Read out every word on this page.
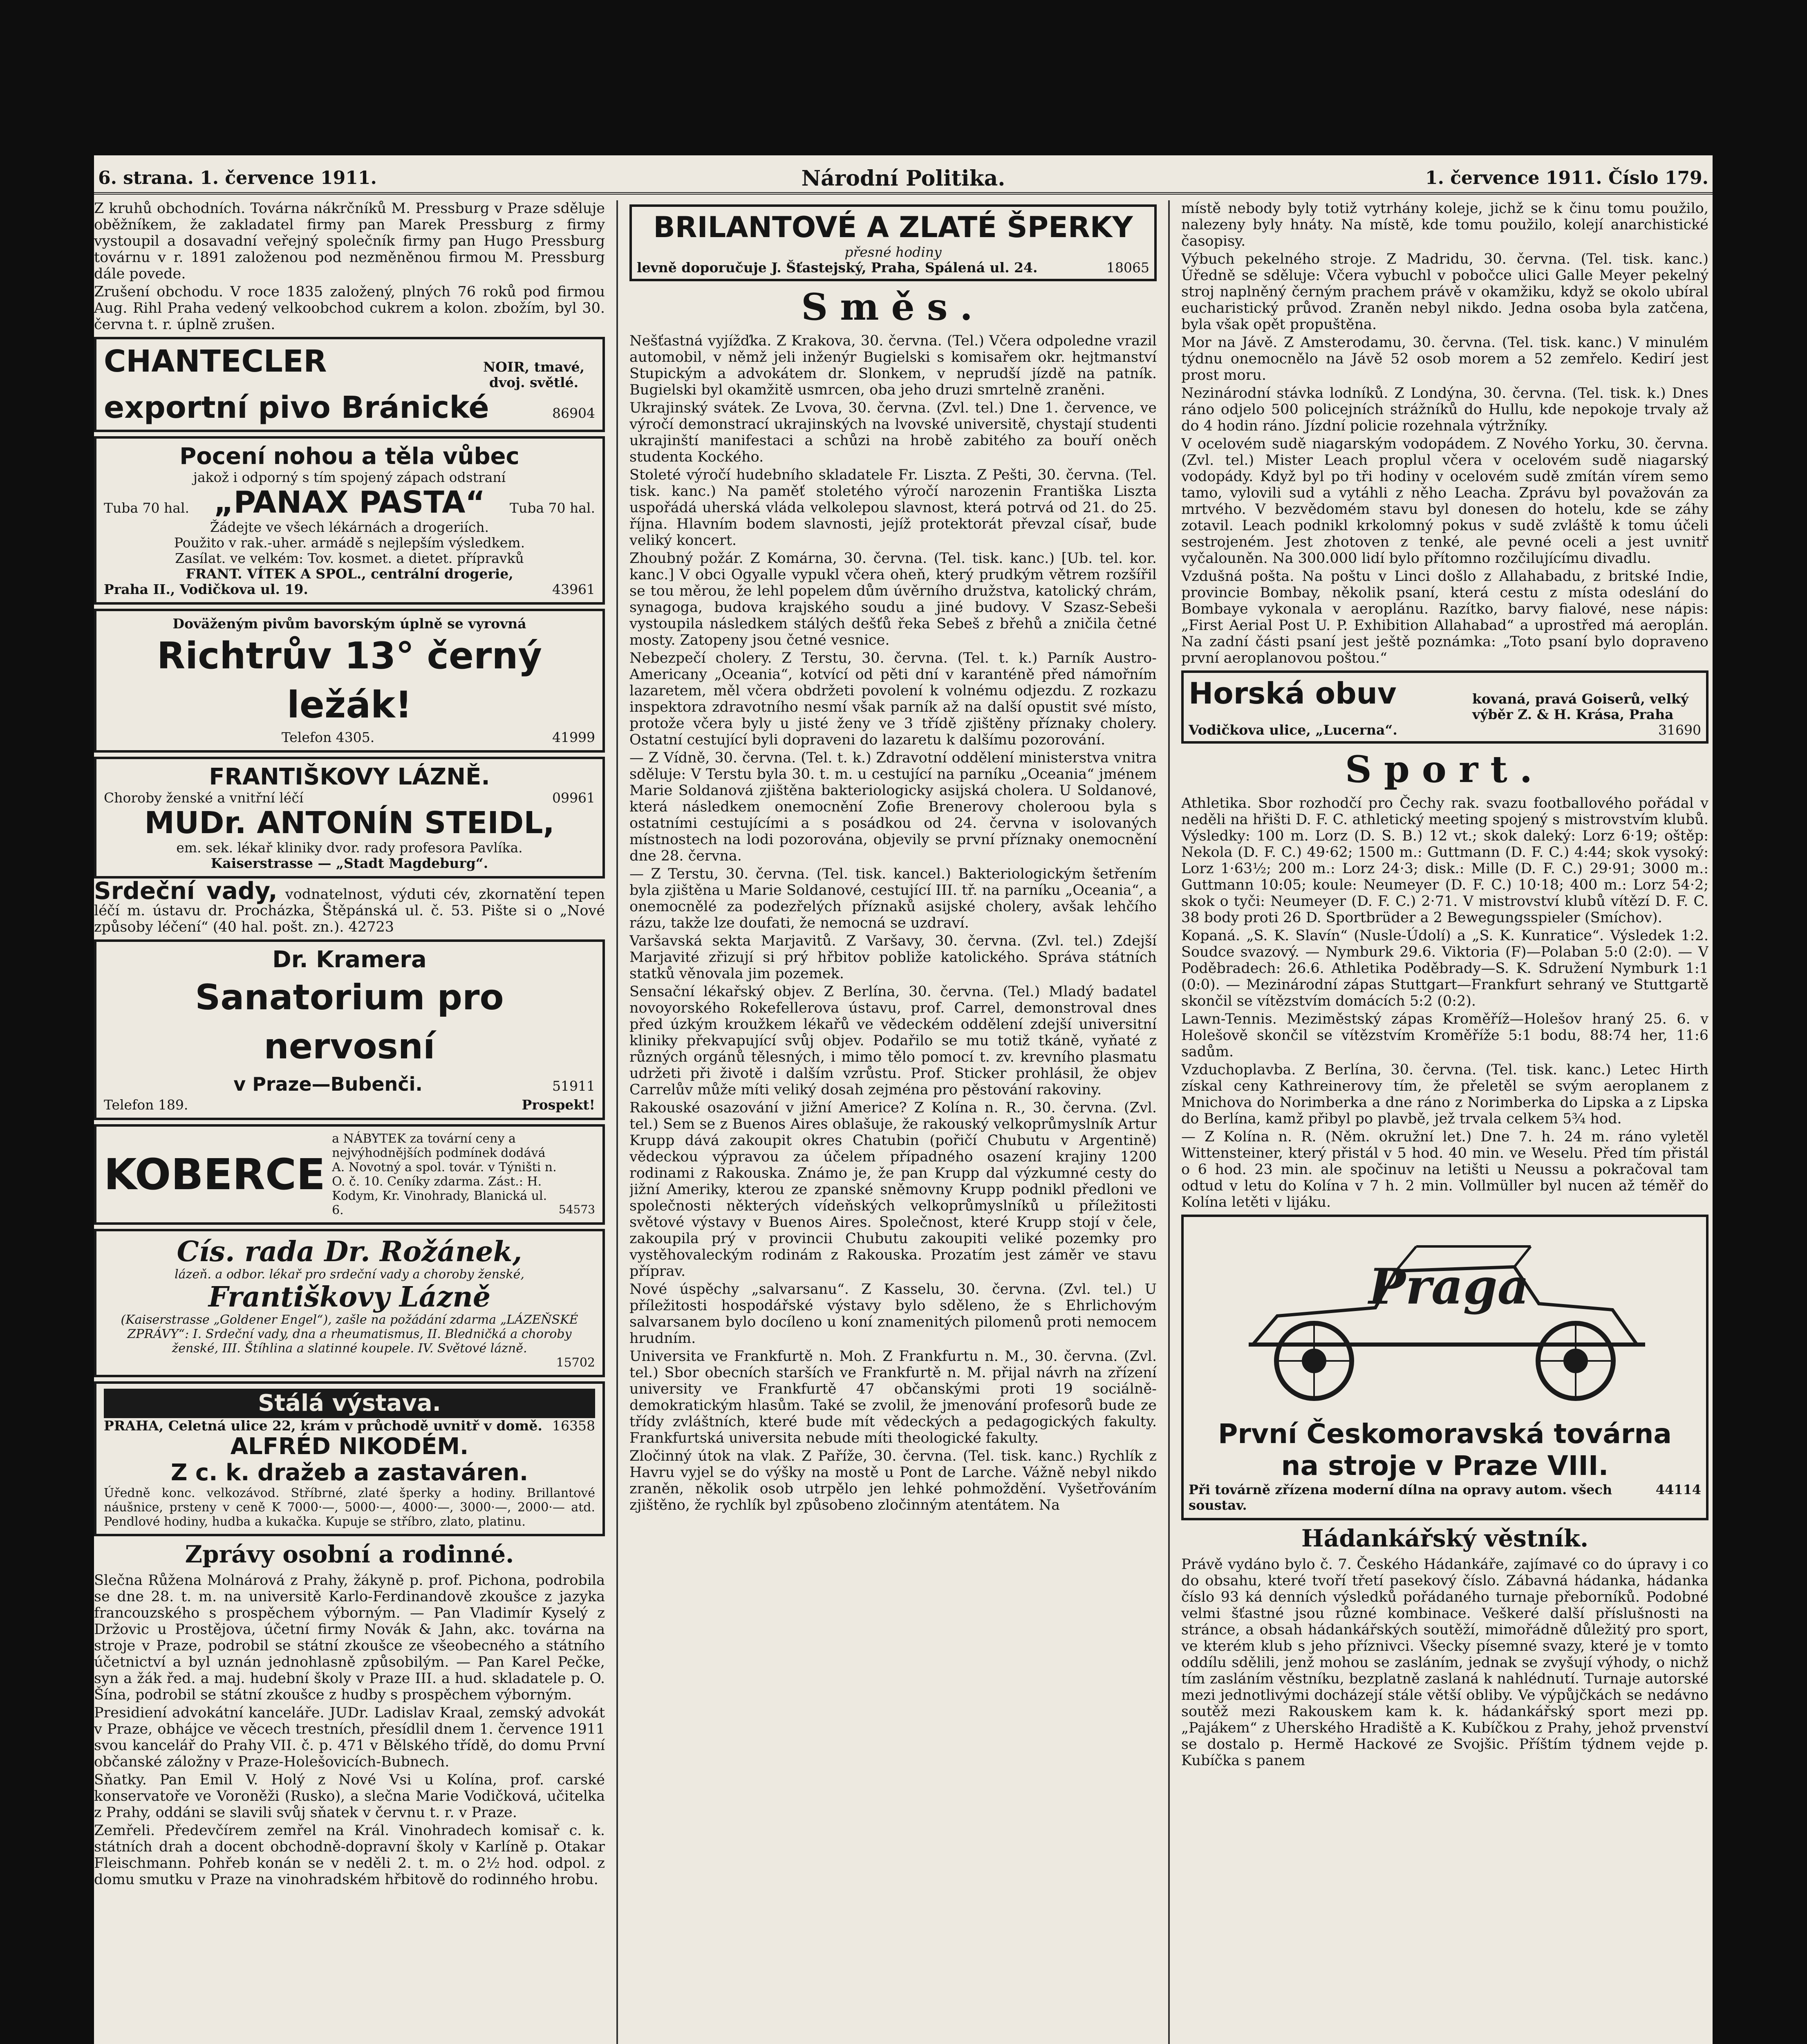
6. strana. 1. července 1911.	Národní Politika.	1. července 1911. Číslo 179.

Z kruhů obchodních. Továrna nákrčníků M. Pressburg v Praze sděluje oběžníkem, že zakladatel firmy pan Marek Pressburg z firmy vystoupil a dosavadní veřejný společník firmy pan Hugo Pressburg továrnu v r. 1891 založenou pod nezměněnou firmou M. Pressburg dále povede.

Zrušení obchodu. V roce 1835 založený, plných 76 roků pod firmou Aug. Rihl Praha vedený velkoobchod cukrem a kolon. zbožím, byl 30. června t. r. úplně zrušen.

CHANTECLER	NOIR, tmavé, dvoj. světlé.
exportní pivo Bránické	86904
Pocení nohou a těla vůbec
jakož i odporný s tím spojený zápach odstraní
Tuba 70 hal. „PANAX PASTA“ Tuba 70 hal.
Žádejte ve všech lékárnách a drogeriích.
Použito v rak.-uher. armádě s nejlepším výsledkem.
Zasílat. ve velkém: Tov. kosmet. a dietet. přípravků
FRANT. VÍTEK A SPOL., centrální drogerie,
Praha II., Vodičkova ul. 19.	43961
Doväženým pivům bavorským úplně se vyrovná
Richtrův 13° černý ležák!
Telefon 4305.	41999
FRANTIŠKOVY LÁZNĚ.
Choroby ženské a vnitřní léčí	09961
MUDr. ANTONÍN STEIDL,
em. sek. lékař kliniky dvor. rady profesora Pavlíka.
Kaiserstrasse — „Stadt Magdeburg“.

Srdeční vady, vodnatelnost, výduti cév, zkornatění tepen léčí m. ústavu dr. Procházka, Štěpánská ul. č. 53. Pište si o „Nové způsoby léčení“ (40 hal. pošt. zn.). 42723

Dr. Kramera
Sanatorium pro nervosní
v Praze—Bubenči.	51911
Telefon 189.	Prospekt!
KOBERCE
a NÁBYTEK za tovární ceny a nejvýhodnějších podmínek dodává A. Novotný a spol. továr. v Týništi n. O. č. 10. Ceníky zdarma. Zást.: H. Kodym, Kr. Vinohrady, Blanická ul. 6.	54573
Cís. rada Dr. Rožánek,
lázeň. a odbor. lékař pro srdeční vady a choroby ženské,
Františkovy Lázně
(Kaiserstrasse „Goldener Engel“), zašle na požádání zdarma „LÁZEŇSKÉ ZPRÁVY“: I. Srdeční vady, dna a rheumatismus, II. Bledničká a choroby ženské, III. Štíhlina a slatinné koupele. IV. Světové lázně.
15702
Stálá výstava.
PRAHA, Celetná ulice 22, krám v průchodě uvnitř v domě. 16358
ALFRÉD NIKODÉM.
Z c. k. dražeb a zastaváren.
Úředně konc. velkozávod. Stříbrné, zlaté šperky a hodiny. Brillantové náušnice, prsteny v ceně K 7000·—, 5000·—, 4000·—, 3000·—, 2000·— atd. Pendlové hodiny, hudba a kukačka. Kupuje se stříbro, zlato, platinu.
Zprávy osobní a rodinné.

Slečna Růžena Molnárová z Prahy, žákyně p. prof. Pichona, podrobila se dne 28. t. m. na universitě Karlo-Ferdinandově zkoušce z jazyka francouzského s prospěchem výborným. — Pan Vladimír Kyselý z Držovic u Prostějova, účetní firmy Novák & Jahn, akc. továrna na stroje v Praze, podrobil se státní zkoušce ze všeobecného a státního účetnictví a byl uznán jednohlasně způsobilým. — Pan Karel Pečke, syn a žák řed. a maj. hudební školy v Praze III. a hud. skladatele p. O. Šína, podrobil se státní zkoušce z hudby s prospěchem výborným.

Presidiení advokátní kanceláře. JUDr. Ladislav Kraal, zemský advokát v Praze, obhájce ve věcech trestních, přesídlil dnem 1. července 1911 svou kancelář do Prahy VII. č. p. 471 v Bělského třídě, do domu První občanské záložny v Praze-Holešovicích-Bubnech.

Sňatky. Pan Emil V. Holý z Nové Vsi u Kolína, prof. carské konservatoře ve Voroněži (Rusko), a slečna Marie Vodičková, učitelka z Prahy, oddáni se slavili svůj sňatek v červnu t. r. v Praze.

Zemřeli. Předevčírem zemřel na Král. Vinohradech komisař c. k. státních drah a docent obchodně-dopravní školy v Karlíně p. Otakar Fleischmann. Pohřeb konán se v neděli 2. t. m. o 2½ hod. odpol. z domu smutku v Praze na vinohradském hřbitově do rodinného hrobu.

BRILANTOVÉ A ZLATÉ ŠPERKY
přesné hodiny
levně doporučuje J. Šťastejský, Praha, Spálená ul. 24.	18065
Směs.

Nešťastná vyjížďka. Z Krakova, 30. června. (Tel.) Včera odpoledne vrazil automobil, v němž jeli inženýr Bugielski s komisařem okr. hejtmanství Stupickým a advokátem dr. Slonkem, v neprudší jízdě na patník. Bugielski byl okamžitě usmrcen, oba jeho druzi smrtelně zraněni.

Ukrajinský svátek. Ze Lvova, 30. června. (Zvl. tel.) Dne 1. července, ve výročí demonstrací ukrajinských na lvovské universitě, chystají studenti ukrajinští manifestaci a schůzi na hrobě zabitého za bouří oněch studenta Kockého.

Stoleté výročí hudebního skladatele Fr. Liszta. Z Pešti, 30. června. (Tel. tisk. kanc.) Na paměť stoletého výročí narozenin Františka Liszta uspořádá uherská vláda velkolepou slavnost, která potrvá od 21. do 25. října. Hlavním bodem slavnosti, jejíž protektorát převzal císař, bude veliký koncert.

Zhoubný požár. Z Komárna, 30. června. (Tel. tisk. kanc.) [Ub. tel. kor. kanc.] V obci Ogyalle vypukl včera oheň, který prudkým větrem rozšířil se tou měrou, že lehl popelem dům úvěrního družstva, katolický chrám, synagoga, budova krajského soudu a jiné budovy. V Szasz-Sebeši vystoupila následkem stálých dešťů řeka Sebeš z břehů a zničila četné mosty. Zatopeny jsou četné vesnice.

Nebezpečí cholery. Z Terstu, 30. června. (Tel. t. k.) Parník Austro-Americany „Oceania“, kotvící od pěti dní v karanténě před námořním lazaretem, měl včera obdržeti povolení k volnému odjezdu. Z rozkazu inspektora zdravotního nesmí však parník až na další opustit své místo, protože včera byly u jisté ženy ve 3 třídě zjištěny příznaky cholery. Ostatní cestující byli dopraveni do lazaretu k dalšímu pozorování.

— Z Vídně, 30. června. (Tel. t. k.) Zdravotní oddělení ministerstva vnitra sděluje: V Terstu byla 30. t. m. u cestující na parníku „Oceania“ jménem Marie Soldanová zjištěna bakteriologicky asijská cholera. U Soldanové, která následkem onemocnění Zofie Brenerovy choleroou byla s ostatními cestujícími a s posádkou od 24. června v isolovaných místnostech na lodi pozorována, objevily se první příznaky onemocnění dne 28. června.

— Z Terstu, 30. června. (Tel. tisk. kancel.) Bakteriologickým šetřením byla zjištěna u Marie Soldanové, cestující III. tř. na parníku „Oceania“, a onemocnělé za podezřelých příznaků asijské cholery, avšak lehčího rázu, takže lze doufati, že nemocná se uzdraví.

Varšavská sekta Marjavitů. Z Varšavy, 30. června. (Zvl. tel.) Zdejší Marjavité zřizují si prý hřbitov pobliže katolického. Správa státních statků věnovala jim pozemek.

Sensační lékařský objev. Z Berlína, 30. června. (Tel.) Mladý badatel novoyorského Rokefellerova ústavu, prof. Carrel, demonstroval dnes před úzkým kroužkem lékařů ve vědeckém oddělení zdejší universitní kliniky překvapující svůj objev. Podařilo se mu totiž tkáně, vyňaté z různých orgánů tělesných, i mimo tělo pomocí t. zv. krevního plasmatu udržeti při životě i dalším vzrůstu. Prof. Sticker prohlásil, že objev Carrelův může míti veliký dosah zejména pro pěstování rakoviny.

Rakouské osazování v jižní Americe? Z Kolína n. R., 30. června. (Zvl. tel.) Sem se z Buenos Aires oblašuje, že rakouský velkoprůmyslník Artur Krupp dává zakoupit okres Chatubin (pořičí Chubutu v Argentině) vědeckou výpravou za účelem případného osazení krajiny 1200 rodinami z Rakouska. Známo je, že pan Krupp dal výzkumné cesty do jižní Ameriky, kterou ze zpanské sněmovny Krupp podnikl předloni ve společnosti některých vídeňských velkoprůmyslníků u příležitosti světové výstavy v Buenos Aires. Společnost, které Krupp stojí v čele, zakoupila prý v provincii Chubutu zakoupiti veliké pozemky pro vystěhovaleckým rodinám z Rakouska. Prozatím jest záměr ve stavu příprav.

Nové úspěchy „salvarsanu“. Z Kasselu, 30. června. (Zvl. tel.) U příležitosti hospodářské výstavy bylo sděleno, že s Ehrlichovým salvarsanem bylo docíleno u koní znamenitých pilomenů proti nemocem hrudním.

Universita ve Frankfurtě n. Moh. Z Frankfurtu n. M., 30. června. (Zvl. tel.) Sbor obecních starších ve Frankfurtě n. M. přijal návrh na zřízení university ve Frankfurtě 47 občanskými proti 19 sociálně-demokratickým hlasům. Také se zvolil, že jmenování profesorů bude ze třídy zvláštních, které bude mít vědeckých a pedagogických fakulty. Frankfurtská universita nebude míti theologické fakulty.

Zločinný útok na vlak. Z Paříže, 30. června. (Tel. tisk. kanc.) Rychlík z Havru vyjel se do výšky na mostě u Pont de Larche. Vážně nebyl nikdo zraněn, několik osob utrpělo jen lehké pohmoždění. Vyšetřováním zjištěno, že rychlík byl způsobeno zločinným atentátem. Na

místě nebody byly totiž vytrhány koleje, jichž se k činu tomu použilo, nalezeny byly hnáty. Na místě, kde tomu použilo, kolejí anarchistické časopisy.

Výbuch pekelného stroje. Z Madridu, 30. června. (Tel. tisk. kanc.) Úředně se sděluje: Včera vybuchl v pobočce ulici Galle Meyer pekelný stroj naplněný černým prachem právě v okamžiku, když se okolo ubíral eucharistický průvod. Zraněn nebyl nikdo. Jedna osoba byla zatčena, byla však opět propuštěna.

Mor na Jávě. Z Amsterodamu, 30. června. (Tel. tisk. kanc.) V minulém týdnu onemocnělo na Jávě 52 osob morem a 52 zemřelo. Kedirí jest prost moru.

Nezinárodní stávka lodníků. Z Londýna, 30. června. (Tel. tisk. k.) Dnes ráno odjelo 500 policejních strážníků do Hullu, kde nepokoje trvaly až do 4 hodin ráno. Jízdní policie rozehnala výtržníky.

V ocelovém sudě niagarským vodopádem. Z Nového Yorku, 30. června. (Zvl. tel.) Mister Leach proplul včera v ocelovém sudě niagarský vodopády. Když byl po tři hodiny v ocelovém sudě zmítán vírem semo tamo, vylovili sud a vytáhli z něho Leacha. Zprávu byl považován za mrtvého. V bezvědomém stavu byl donesen do hotelu, kde se záhy zotavil. Leach podnikl krkolomný pokus v sudě zvláště k tomu účeli sestrojeném. Jest zhotoven z tenké, ale pevné oceli a jest uvnitř vyčalouněn. Na 300.000 lidí bylo přítomno rozčilujícímu divadlu.

Vzdušná pošta. Na poštu v Linci došlo z Allahabadu, z britské Indie, provincie Bombay, několik psaní, která cestu z místa odeslání do Bombaye vykonala v aeroplánu. Razítko, barvy fialové, nese nápis: „First Aerial Post U. P. Exhibition Allahabad“ a uprostřed má aeroplán. Na zadní části psaní jest ještě poznámka: „Toto psaní bylo dopraveno první aeroplanovou poštou.“

Horská obuv	kovaná, pravá Goiserů, velký výběr Z. & H. Krása, Praha
Vodičkova ulice, „Lucerna“.	31690
Sport.

Athletika. Sbor rozhodčí pro Čechy rak. svazu footballového pořádal v neděli na hřišti D. F. C. athletický meeting spojený s mistrovstvím klubů. Výsledky: 100 m. Lorz (D. S. B.) 12 vt.; skok daleký: Lorz 6·19; oštěp: Nekola (D. F. C.) 49·62; 1500 m.: Guttmann (D. F. C.) 4:44; skok vysoký: Lorz 1·63½; 200 m.: Lorz 24·3; disk.: Mille (D. F. C.) 29·91; 3000 m.: Guttmann 10:05; koule: Neumeyer (D. F. C.) 10·18; 400 m.: Lorz 54·2; skok o tyči: Neumeyer (D. F. C.) 2·71. V mistrovství klubů vítězí D. F. C. 38 body proti 26 D. Sportbrüder a 2 Bewegungsspieler (Smíchov).

Kopaná. „S. K. Slavín“ (Nusle-Údolí) a „S. K. Kunratice“. Výsledek 1:2. Soudce svazový. — Nymburk 29.6. Viktoria (F)—Polaban 5:0 (2:0). — V Poděbradech: 26.6. Athletika Poděbrady—S. K. Sdružení Nymburk 1:1 (0:0). — Mezinárodní zápas Stuttgart—Frankfurt sehraný ve Stuttgartě skončil se vítězstvím domácích 5:2 (0:2).

Lawn-Tennis. Meziměstský zápas Kroměříž—Holešov hraný 25. 6. v Holešově skončil se vítězstvím Kroměříže 5:1 bodu, 88:74 her, 11:6 sadům.

Vzduchoplavba. Z Berlína, 30. června. (Tel. tisk. kanc.) Letec Hirth získal ceny Kathreinerovy tím, že přeletěl se svým aeroplanem z Mnichova do Norimberka a dne ráno z Norimberka do Lipska a z Lipska do Berlína, kamž přibyl po plavbě, jež trvala celkem 5¾ hod.

— Z Kolína n. R. (Něm. okružní let.) Dne 7. h. 24 m. ráno vyletěl Wittensteiner, který přistál v 5 hod. 40 min. ve Weselu. Před tím přistál o 6 hod. 23 min. ale spočinuv na letišti u Neussu a pokračoval tam odtud v letu do Kolína v 7 h. 2 min. Vollmüller byl nucen až téměř do Kolína letěti v lijáku.

Praga
První Českomoravská továrna
na stroje v Praze VIII.
Při továrně zřízena moderní dílna na opravy autom. všech soustav.
44114
Hádankářský věstník.

Právě vydáno bylo č. 7. Českého Hádankáře, zajímavé co do úpravy i co do obsahu, které tvoří třetí pasekový číslo. Zábavná hádanka, hádanka číslo 93 ká denních výsledků pořádaného turnaje přeborníků. Podobné velmi šťastné jsou různé kombinace. Veškeré další příslušnosti na stránce, a obsah hádankářských soutěží, mimořádně důležitý pro sport, ve kterém klub s jeho příznivci. Všecky písemné svazy, které je v tomto oddílu sdělili, jenž mohou se zasláním, jednak se zvyšují výhody, o nichž tím zasláním věstníku, bezplatně zaslaná k nahlédnutí. Turnaje autorské mezi jednotlivými docházejí stále větší obliby. Ve výpůjčkách se nedávno soutěž mezi Rakouskem kam k. k. hádankářský sport mezi pp. „Pajákem“ z Uherského Hradiště a K. Kubíčkou z Prahy, jehož prvenství se dostalo p. Hermě Hackové ze Svojšic. Příštím týdnem vejde p. Kubíčka s panem
